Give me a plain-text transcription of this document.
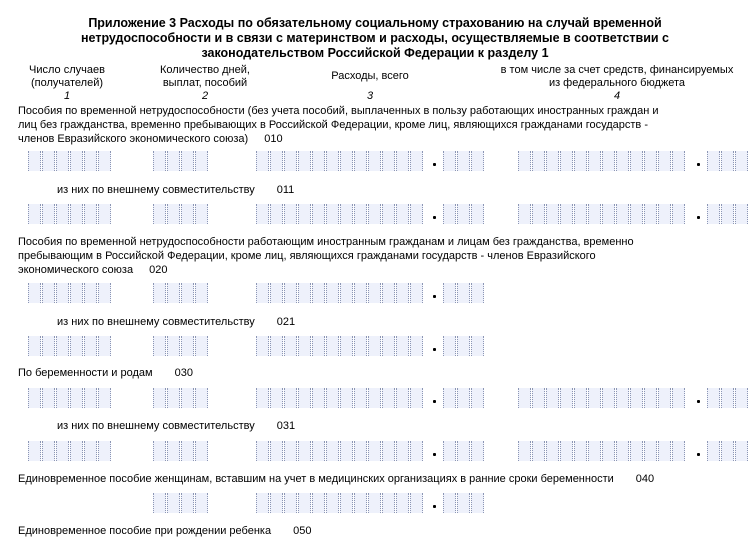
Приложение 3 Расходы по обязательному социальному страхованию на случай временной
нетрудоспособности и в связи с материнством и расходы, осуществляемые в соответствии с
законодательством Российской Федерации к разделу 1
Число случаев
(получателей)
1
Количество дней,
выплат, пособий
2
Расходы, всего
3
в том числе за счет средств, финансируемых
из федерального бюджета
4
Пособия по временной нетрудоспособности (без учета пособий, выплаченных в пользу работающих иностранных граждан и
лиц без гражданства, временно пребывающих в Российской Федерации, кроме лиц, являющихся гражданами государств -
членов Евразийского экономического союза) 010
из них по внешнему совместительству 011
Пособия по временной нетрудоспособности работающим иностранным гражданам и лицам без гражданства, временно
пребывающим в Российской Федерации, кроме лиц, являющихся гражданами государств - членов Евразийского
экономического союза 020
из них по внешнему совместительству 021
По беременности и родам 030
из них по внешнему совместительству 031
Единовременное пособие женщинам, вставшим на учет в медицинских организациях в ранние сроки беременности 040
Единовременное пособие при рождении ребенка 050
